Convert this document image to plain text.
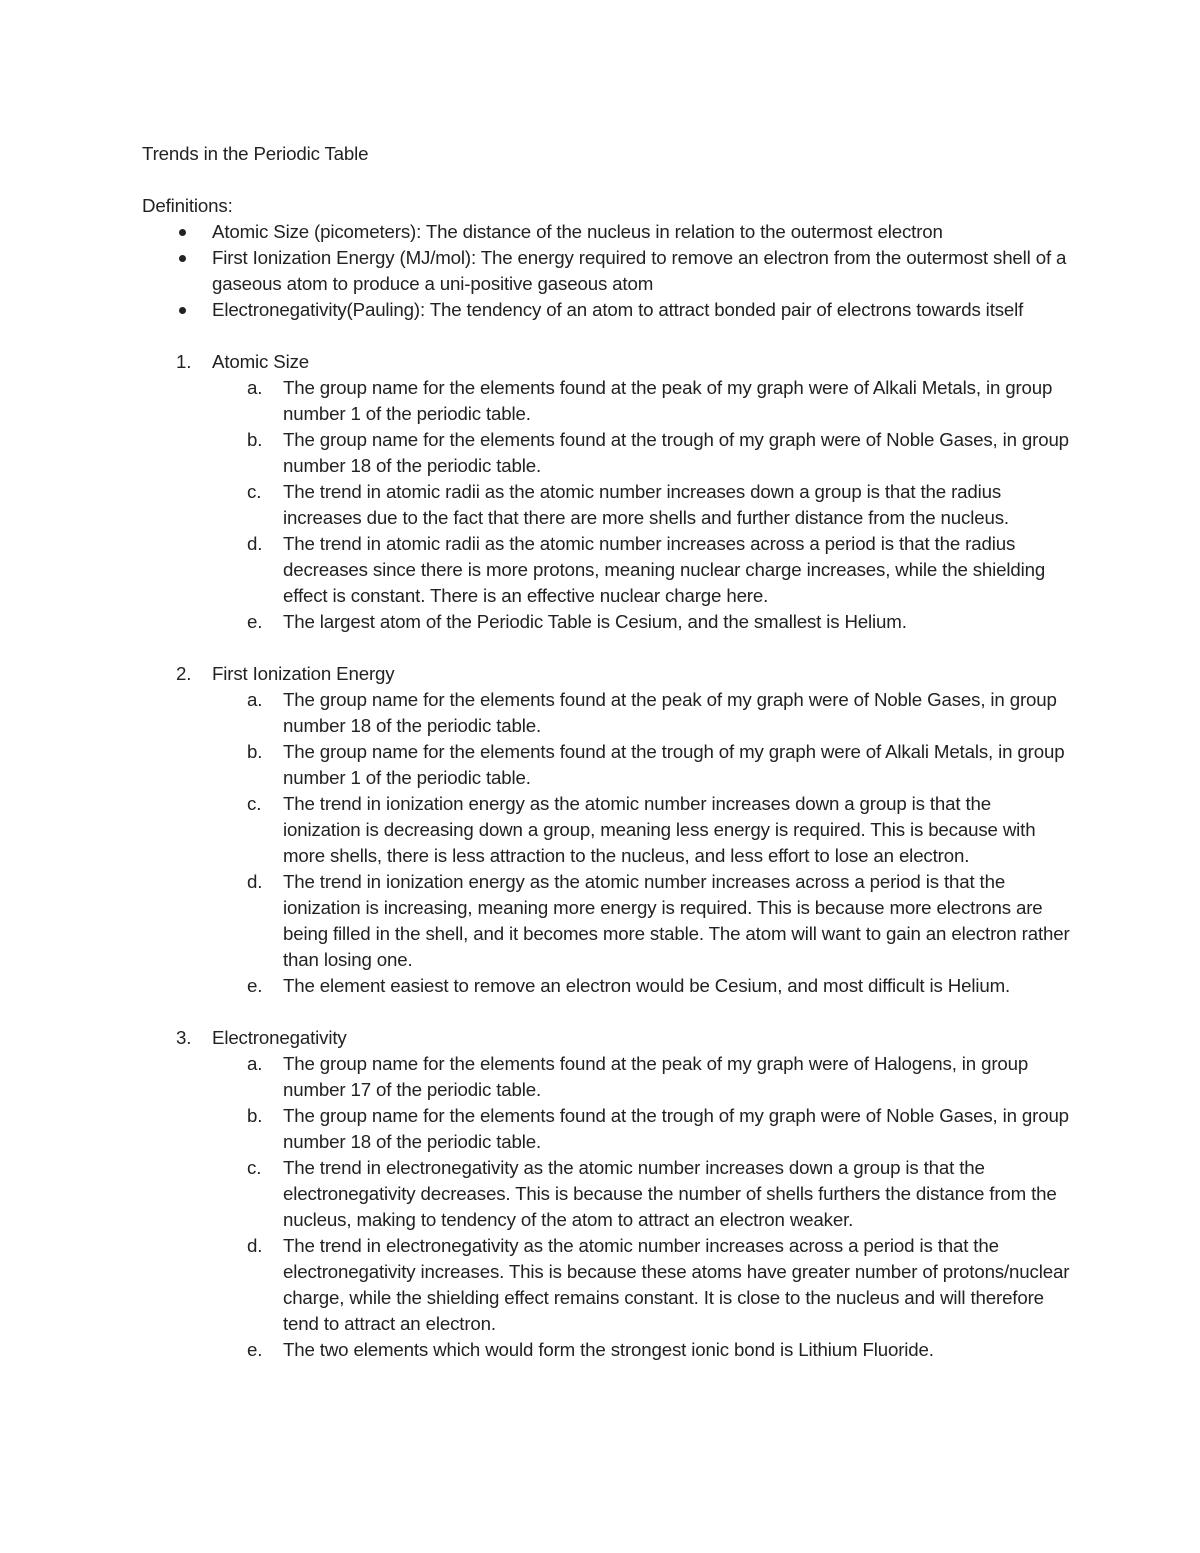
Trends in the Periodic Table

Definitions:

Atomic Size (picometers): The distance of the nucleus in relation to the outermost electron
First Ionization Energy (MJ/mol): The energy required to remove an electron from the outermost shell of a gaseous atom to produce a uni-positive gaseous atom
Electronegativity(Pauling): The tendency of an atom to attract bonded pair of electrons towards itself
1. Atomic Size
a. The group name for the elements found at the peak of my graph were of Alkali Metals, in group number 1 of the periodic table.
b. The group name for the elements found at the trough of my graph were of Noble Gases, in group number 18 of the periodic table.
c. The trend in atomic radii as the atomic number increases down a group is that the radius increases due to the fact that there are more shells and further distance from the nucleus.
d. The trend in atomic radii as the atomic number increases across a period is that the radius decreases since there is more protons, meaning nuclear charge increases, while the shielding effect is constant. There is an effective nuclear charge here.
e. The largest atom of the Periodic Table is Cesium, and the smallest is Helium.
2. First Ionization Energy
a. The group name for the elements found at the peak of my graph were of Noble Gases, in group number 18 of the periodic table.
b. The group name for the elements found at the trough of my graph were of Alkali Metals, in group number 1 of the periodic table.
c. The trend in ionization energy as the atomic number increases down a group is that the ionization is decreasing down a group, meaning less energy is required. This is because with more shells, there is less attraction to the nucleus, and less effort to lose an electron.
d. The trend in ionization energy as the atomic number increases across a period is that the ionization is increasing, meaning more energy is required. This is because more electrons are being filled in the shell, and it becomes more stable. The atom will want to gain an electron rather than losing one.
e. The element easiest to remove an electron would be Cesium, and most difficult is Helium.
3. Electronegativity
a. The group name for the elements found at the peak of my graph were of Halogens, in group number 17 of the periodic table.
b. The group name for the elements found at the trough of my graph were of Noble Gases, in group number 18 of the periodic table.
c. The trend in electronegativity as the atomic number increases down a group is that the electronegativity decreases. This is because the number of shells furthers the distance from the nucleus, making to tendency of the atom to attract an electron weaker.
d. The trend in electronegativity as the atomic number increases across a period is that the electronegativity increases. This is because these atoms have greater number of protons/nuclear charge, while the shielding effect remains constant. It is close to the nucleus and will therefore tend to attract an electron.
e. The two elements which would form the strongest ionic bond is Lithium Fluoride.
